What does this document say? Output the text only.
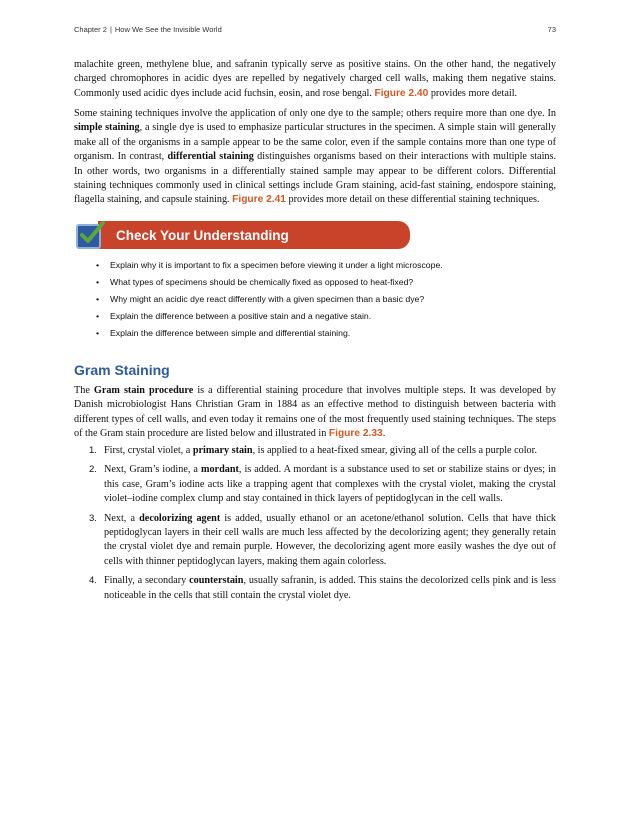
Chapter 2 | How We See the Invisible World	73

malachite green, methylene blue, and safranin typically serve as positive stains. On the other hand, the negatively charged chromophores in acidic dyes are repelled by negatively charged cell walls, making them negative stains. Commonly used acidic dyes include acid fuchsin, eosin, and rose bengal. Figure 2.40 provides more detail.

Some staining techniques involve the application of only one dye to the sample; others require more than one dye. In simple staining, a single dye is used to emphasize particular structures in the specimen. A simple stain will generally make all of the organisms in a sample appear to be the same color, even if the sample contains more than one type of organism. In contrast, differential staining distinguishes organisms based on their interactions with multiple stains. In other words, two organisms in a differentially stained sample may appear to be different colors. Differential staining techniques commonly used in clinical settings include Gram staining, acid-fast staining, endospore staining, flagella staining, and capsule staining. Figure 2.41 provides more detail on these differential staining techniques.

Check Your Understanding
•	Explain why it is important to fix a specimen before viewing it under a light microscope.
•	What types of specimens should be chemically fixed as opposed to heat-fixed?
•	Why might an acidic dye react differently with a given specimen than a basic dye?
•	Explain the difference between a positive stain and a negative stain.
•	Explain the difference between simple and differential staining.
Gram Staining

The Gram stain procedure is a differential staining procedure that involves multiple steps. It was developed by Danish microbiologist Hans Christian Gram in 1884 as an effective method to distinguish between bacteria with different types of cell walls, and even today it remains one of the most frequently used staining techniques. The steps of the Gram stain procedure are listed below and illustrated in Figure 2.33.

1. First, crystal violet, a primary stain, is applied to a heat-fixed smear, giving all of the cells a purple color.

2. Next, Gram’s iodine, a mordant, is added. A mordant is a substance used to set or stabilize stains or dyes; in this case, Gram’s iodine acts like a trapping agent that complexes with the crystal violet, making the crystal violet–iodine complex clump and stay contained in thick layers of peptidoglycan in the cell walls.

3. Next, a decolorizing agent is added, usually ethanol or an acetone/ethanol solution. Cells that have thick peptidoglycan layers in their cell walls are much less affected by the decolorizing agent; they generally retain the crystal violet dye and remain purple. However, the decolorizing agent more easily washes the dye out of cells with thinner peptidoglycan layers, making them again colorless.

4. Finally, a secondary counterstain, usually safranin, is added. This stains the decolorized cells pink and is less noticeable in the cells that still contain the crystal violet dye.
